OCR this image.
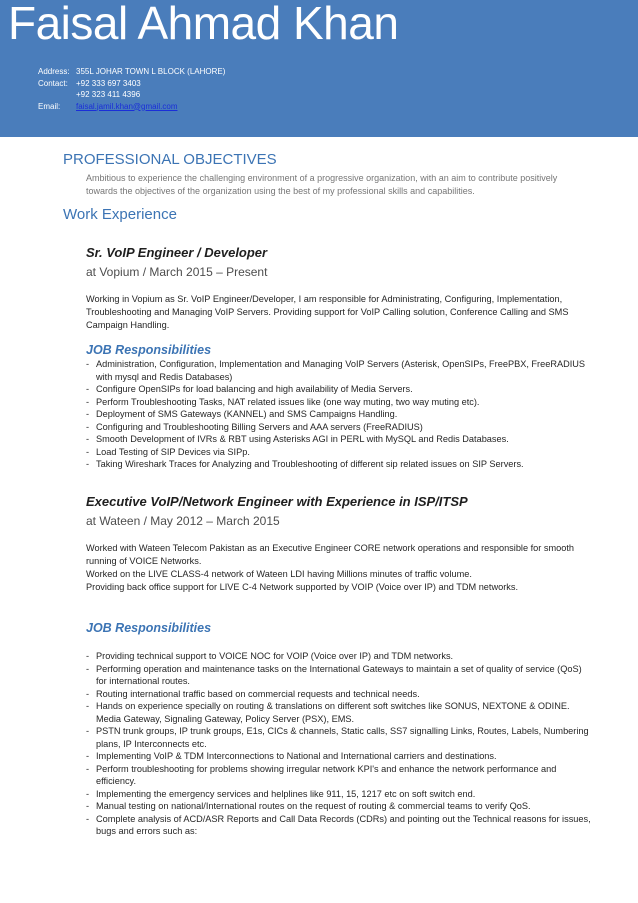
Faisal Ahmad Khan
Address: 355L JOHAR TOWN L BLOCK (LAHORE)
Contact: +92 333 697 3403
+92 323 411 4396
Email: faisal.jamil.khan@gmail.com
PROFESSIONAL OBJECTIVES
Ambitious to experience the challenging environment of a progressive organization, with an aim to contribute positively towards the objectives of the organization using the best of my professional skills and capabilities.
Work Experience
Sr. VoIP Engineer / Developer
at Vopium / March 2015 – Present
Working in Vopium as Sr. VoIP Engineer/Developer, I am responsible for Administrating, Configuring, Implementation, Troubleshooting and Managing VoIP Servers. Providing support for VoIP Calling solution, Conference Calling and SMS Campaign Handling.
JOB Responsibilities
- Administration, Configuration, Implementation and Managing VoIP Servers (Asterisk, OpenSIPs, FreePBX, FreeRADIUS with mysql and Redis Databases)
- Configure OpenSIPs for load balancing and high availability of Media Servers.
- Perform Troubleshooting Tasks, NAT related issues like (one way muting, two way muting etc).
- Deployment of SMS Gateways (KANNEL) and SMS Campaigns Handling.
- Configuring and Troubleshooting Billing Servers and AAA servers (FreeRADIUS)
- Smooth Development of IVRs & RBT using Asterisks AGI in PERL with MySQL and Redis Databases.
- Load Testing of SIP Devices via SIPp.
- Taking Wireshark Traces for Analyzing and Troubleshooting of different sip related issues on SIP Servers.
Executive VoIP/Network Engineer with Experience in ISP/ITSP
at Wateen / May 2012 – March 2015
Worked with Wateen Telecom Pakistan as an Executive Engineer CORE network operations and responsible for smooth running of VOICE Networks.
Worked on the LIVE CLASS-4 network of Wateen LDI having Millions minutes of traffic volume.
Providing back office support for LIVE C-4 Network supported by VOIP (Voice over IP) and TDM networks.
JOB Responsibilities
- Providing technical support to VOICE NOC for VOIP (Voice over IP) and TDM networks.
- Performing operation and maintenance tasks on the International Gateways to maintain a set of quality of service (QoS) for international routes.
- Routing international traffic based on commercial requests and technical needs.
- Hands on experience specially on routing & translations on different soft switches like SONUS, NEXTONE & ODINE.
Media Gateway, Signaling Gateway, Policy Server (PSX), EMS.
- PSTN trunk groups, IP trunk groups, E1s, CICs & channels, Static calls, SS7 signalling Links, Routes, Labels, Numbering plans, IP Interconnects etc.
- Implementing VoIP & TDM Interconnections to National and International carriers and destinations.
- Perform troubleshooting for problems showing irregular network KPI's and enhance the network performance and efficiency.
- Implementing the emergency services and helplines like 911, 15, 1217 etc on soft switch end.
- Manual testing on national/International routes on the request of routing & commercial teams to verify QoS.
- Complete analysis of ACD/ASR Reports and Call Data Records (CDRs) and pointing out the Technical reasons for issues, bugs and errors such as:
